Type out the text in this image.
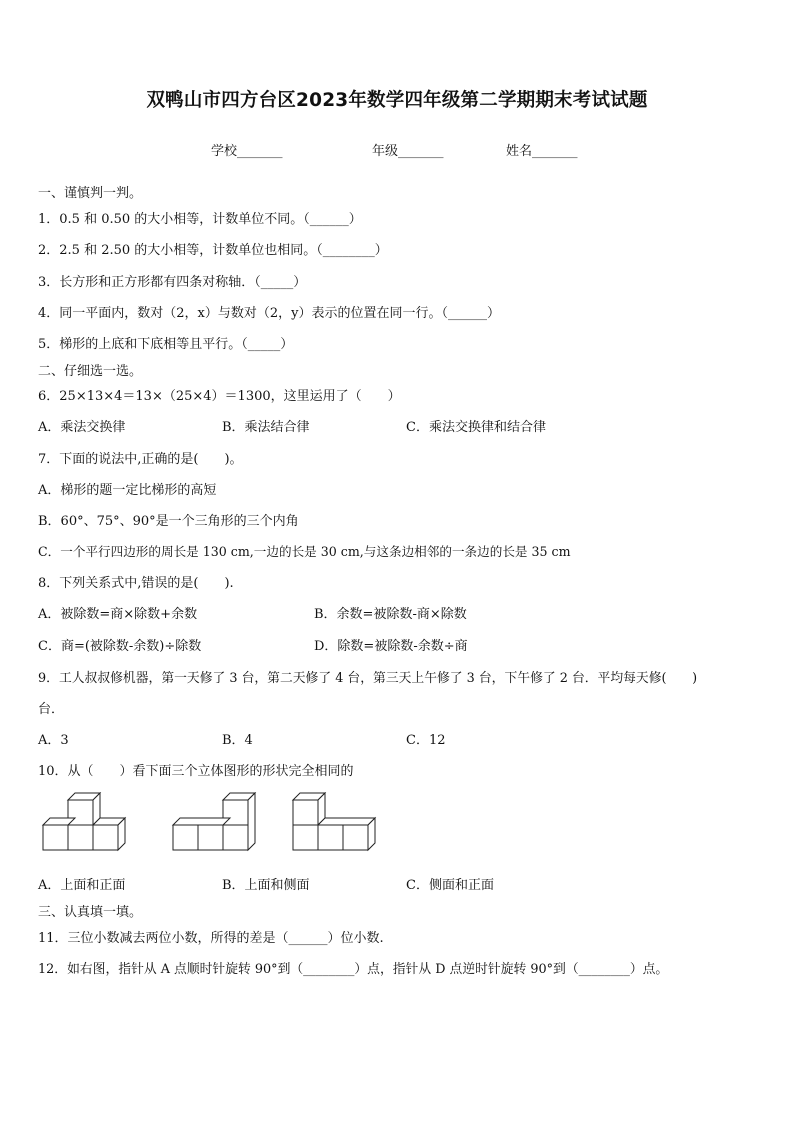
双鸭山市四方台区2023年数学四年级第二学期期末考试试题
学校_______	年级_______	姓名_______
一、谨慎判一判。
1．0.5 和 0.50 的大小相等，计数单位不同。（______）
2．2.5 和 2.50 的大小相等，计数单位也相同。（________）
3．长方形和正方形都有四条对称轴．（_____）
4．同一平面内，数对（2，x）与数对（2，y）表示的位置在同一行。（______）
5．梯形的上底和下底相等且平行。（_____）
二、仔细选一选。
6．25×13×4＝13×（25×4）＝1300，这里运用了（　　）
A．乘法交换律	B．乘法结合律	C．乘法交换律和结合律
7．下面的说法中,正确的是(　　)。
A．梯形的题一定比梯形的高短
B．60°、75°、90°是一个三角形的三个内角
C．一个平行四边形的周长是 130 cm,一边的长是 30 cm,与这条边相邻的一条边的长是 35 cm
8．下列关系式中,错误的是(　　).
A．被除数=商×除数+余数	B．余数=被除数-商×除数
C．商=(被除数-余数)÷除数	D．除数=被除数-余数÷商
9．工人叔叔修机器，第一天修了 3 台，第二天修了 4 台，第三天上午修了 3 台，下午修了 2 台．平均每天修(　　)
台．
A．3	B．4	C．12
10．从（　　）看下面三个立体图形的形状完全相同的
A．上面和正面	B．上面和侧面	C．侧面和正面
三、认真填一填。
11．三位小数减去两位小数，所得的差是（______）位小数.
12．如右图，指针从 A 点顺时针旋转 90°到（________）点，指针从 D 点逆时针旋转 90°到（________）点。
